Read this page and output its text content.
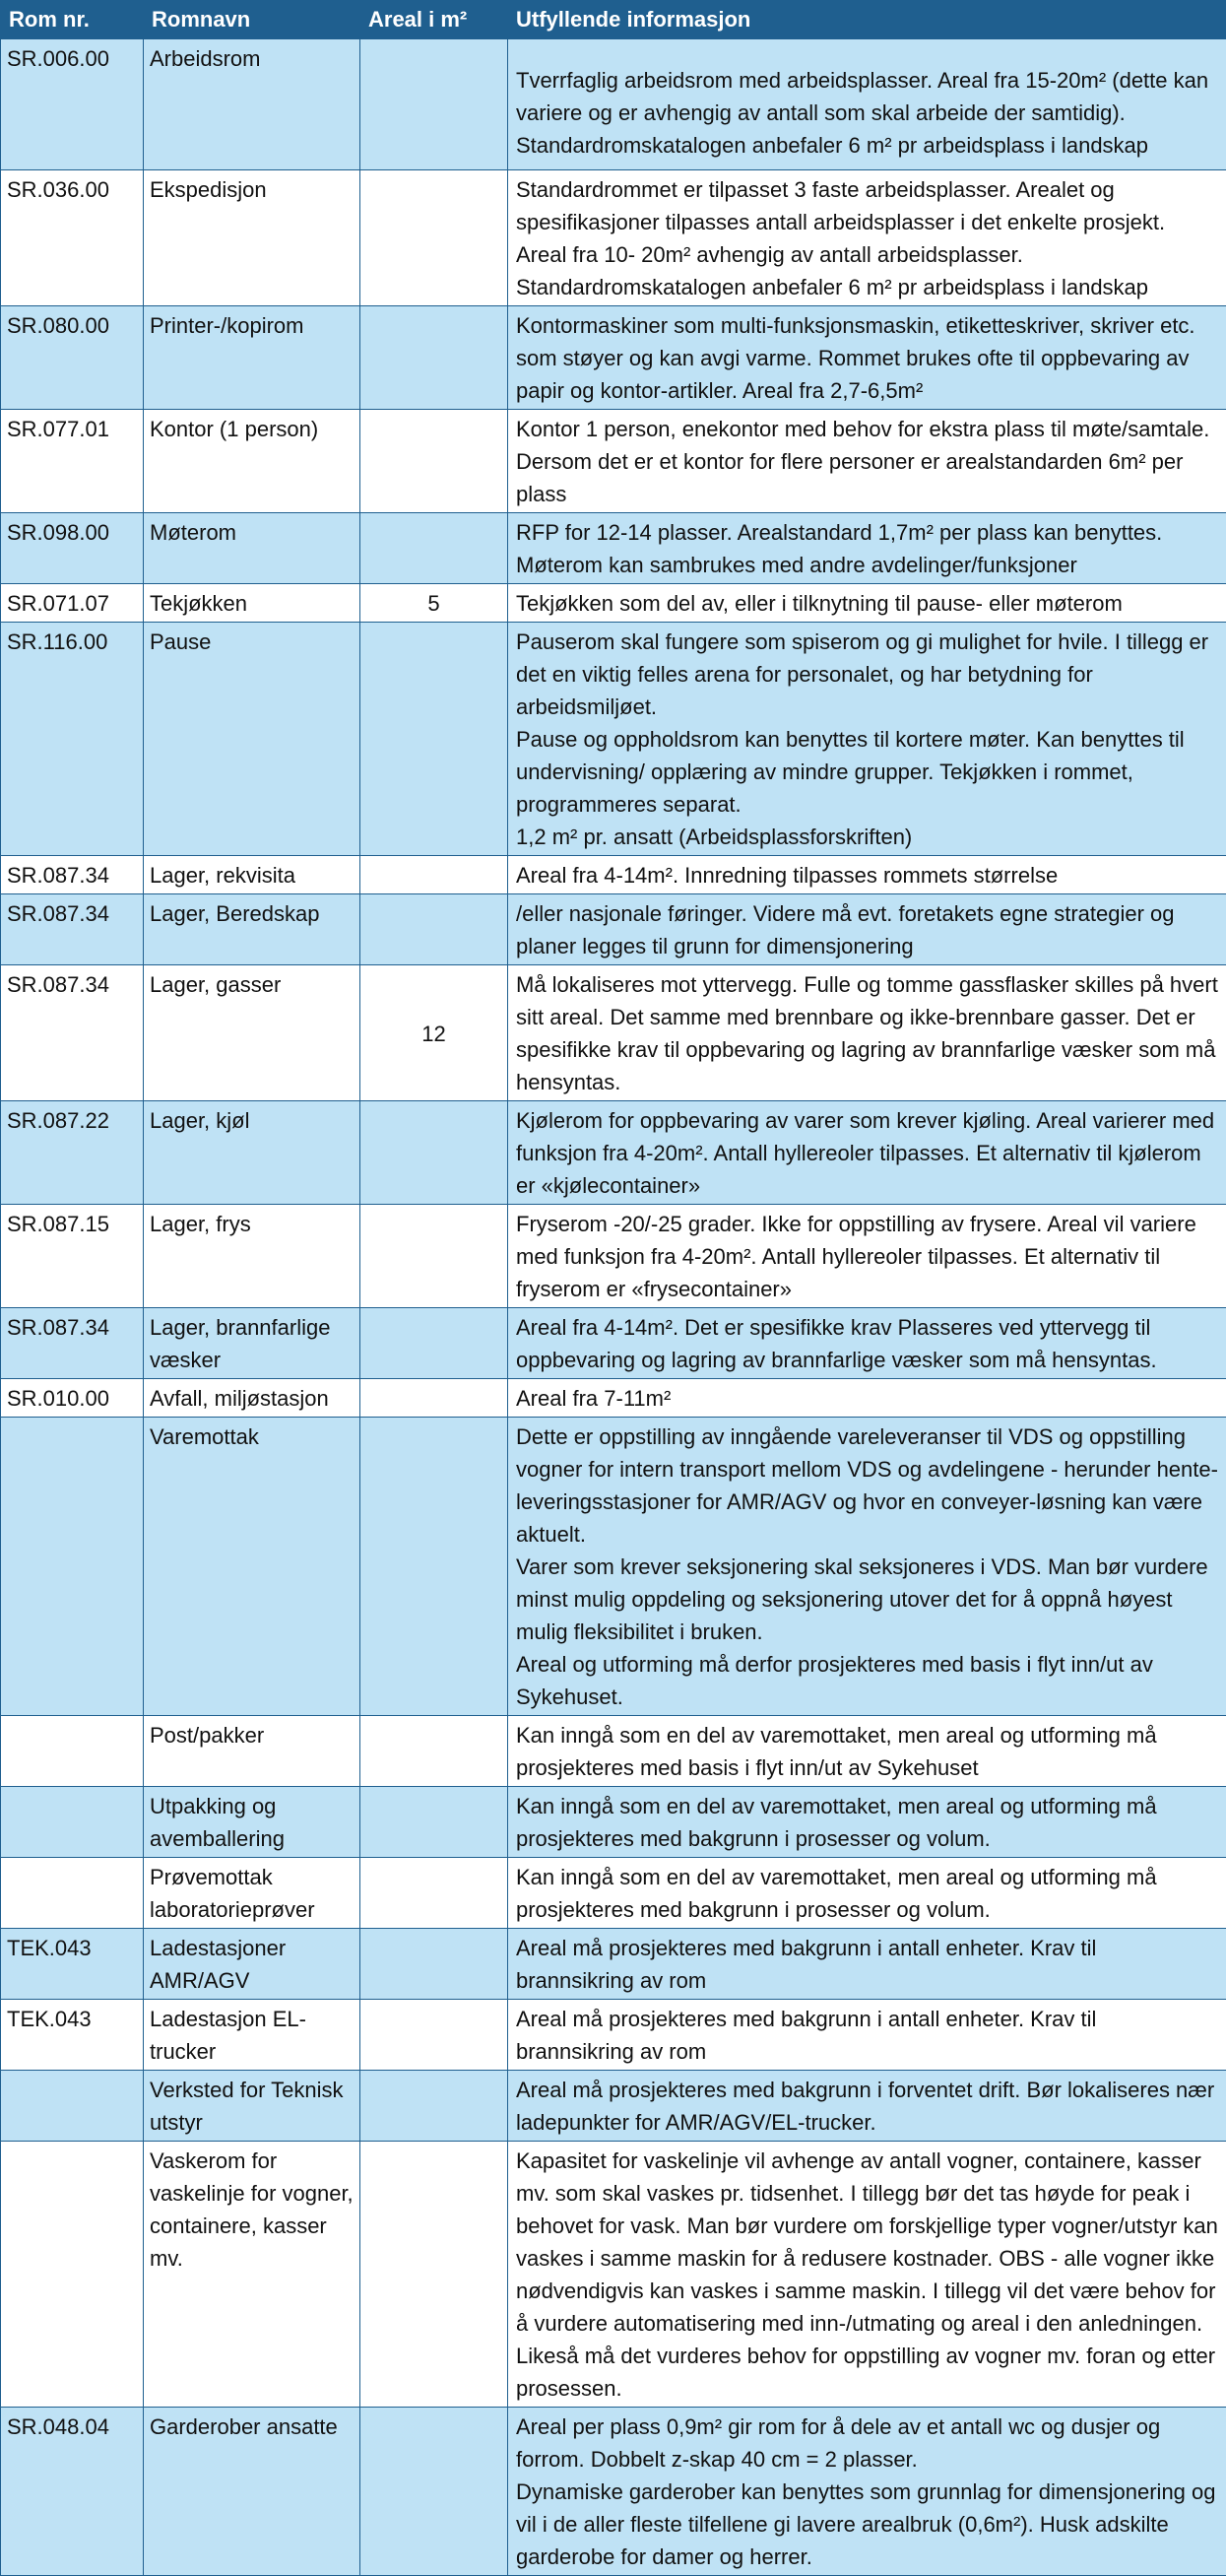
Rom nr.	Romnavn	Areal i m²	Utfyllende informasjon
SR.006.00	Arbeidsrom		Tverrfaglig arbeidsrom med arbeidsplasser. Areal fra 15-20m² (dette kan variere og er avhengig av antall som skal arbeide der samtidig).
Standardromskatalogen anbefaler 6 m² pr arbeidsplass i landskap

SR.036.00	Ekspedisjon		Standardrommet er tilpasset 3 faste arbeidsplasser. Arealet og spesifikasjoner tilpasses antall arbeidsplasser i det enkelte prosjekt.
Areal fra 10- 20m² avhengig av antall arbeidsplasser.
Standardromskatalogen anbefaler 6 m² pr arbeidsplass i landskap

SR.080.00	Printer-/kopirom		Kontormaskiner som multi-funksjonsmaskin, etiketteskriver, skriver etc. som støyer og kan avgi varme. Rommet brukes ofte til oppbevaring av papir og kontor-artikler. Areal fra 2,7-6,5m²

SR.077.01	Kontor (1 person)		Kontor 1 person, enekontor med behov for ekstra plass til møte/samtale. Dersom det er et kontor for flere personer er arealstandarden 6m² per plass

SR.098.00	Møterom		RFP for 12-14 plasser. Arealstandard 1,7m² per plass kan benyttes. Møterom kan sambrukes med andre avdelinger/funksjoner

SR.071.07	Tekjøkken	5	Tekjøkken som del av, eller i tilknytning til pause- eller møterom

SR.116.00	Pause		Pauserom skal fungere som spiserom og gi mulighet for hvile. I tillegg er det en viktig felles arena for personalet, og har betydning for arbeidsmiljøet.
Pause og oppholdsrom kan benyttes til kortere møter. Kan benyttes til undervisning/ opplæring av mindre grupper. Tekjøkken i rommet, programmeres separat.
1,2 m² pr. ansatt (Arbeidsplassforskriften)

SR.087.34	Lager, rekvisita		Areal fra 4-14m². Innredning tilpasses rommets størrelse

SR.087.34	Lager, Beredskap		/eller nasjonale føringer. Videre må evt. foretakets egne strategier og planer legges til grunn for dimensjonering

SR.087.34	Lager, gasser	12	Må lokaliseres mot yttervegg. Fulle og tomme gassflasker skilles på hvert sitt areal. Det samme med brennbare og ikke-brennbare gasser. Det er spesifikke krav til oppbevaring og lagring av brannfarlige væsker som må hensyntas.

SR.087.22	Lager, kjøl		Kjølerom for oppbevaring av varer som krever kjøling. Areal varierer med funksjon fra 4-20m². Antall hyllereoler tilpasses. Et alternativ til kjølerom er «kjølecontainer»

SR.087.15	Lager, frys		Fryserom -20/-25 grader. Ikke for oppstilling av frysere. Areal vil variere med funksjon fra 4-20m². Antall hyllereoler tilpasses. Et alternativ til fryserom er «frysecontainer»

SR.087.34	Lager, brannfarlige væsker		Areal fra 4-14m². Det er spesifikke krav Plasseres ved yttervegg til oppbevaring og lagring av brannfarlige væsker som må hensyntas.

SR.010.00	Avfall, miljøstasjon		Areal fra 7-11m²

	Varemottak		Dette er oppstilling av inngående vareleveranser til VDS og oppstilling vogner for intern transport mellom VDS og avdelingene - herunder hente- leveringsstasjoner for AMR/AGV og hvor en conveyer-løsning kan være aktuelt.
Varer som krever seksjonering skal seksjoneres i VDS. Man bør vurdere minst mulig oppdeling og seksjonering utover det for å oppnå høyest mulig fleksibilitet i bruken.
Areal og utforming må derfor prosjekteres med basis i flyt inn/ut av Sykehuset.

	Post/pakker		Kan inngå som en del av varemottaket, men areal og utforming må prosjekteres med basis i flyt inn/ut av Sykehuset

	Utpakking og avemballering		Kan inngå som en del av varemottaket, men areal og utforming må prosjekteres med bakgrunn i prosesser og volum.

	Prøvemottak laboratorieprøver		Kan inngå som en del av varemottaket, men areal og utforming må prosjekteres med bakgrunn i prosesser og volum.

TEK.043	Ladestasjoner AMR/AGV		Areal må prosjekteres med bakgrunn i antall enheter. Krav til brannsikring av rom

TEK.043	Ladestasjon EL-trucker		Areal må prosjekteres med bakgrunn i antall enheter. Krav til brannsikring av rom

	Verksted for Teknisk utstyr		Areal må prosjekteres med bakgrunn i forventet drift. Bør lokaliseres nær ladepunkter for AMR/AGV/EL-trucker.

	Vaskerom for vaskelinje for vogner, containere, kasser mv.		Kapasitet for vaskelinje vil avhenge av antall vogner, containere, kasser mv. som skal vaskes pr. tidsenhet. I tillegg bør det tas høyde for peak i behovet for vask. Man bør vurdere om forskjellige typer vogner/utstyr kan vaskes i samme maskin for å redusere kostnader. OBS - alle vogner ikke nødvendigvis kan vaskes i samme maskin. I tillegg vil det være behov for å vurdere automatisering med inn-/utmating og areal i den anledningen. Likeså må det vurderes behov for oppstilling av vogner mv. foran og etter prosessen.

SR.048.04	Garderober ansatte		Areal per plass 0,9m² gir rom for å dele av et antall wc og dusjer og forrom. Dobbelt z-skap 40 cm = 2 plasser.
Dynamiske garderober kan benyttes som grunnlag for dimensjonering og vil i de aller fleste tilfellene gi lavere arealbruk (0,6m²). Husk adskilte garderobe for damer og herrer.
